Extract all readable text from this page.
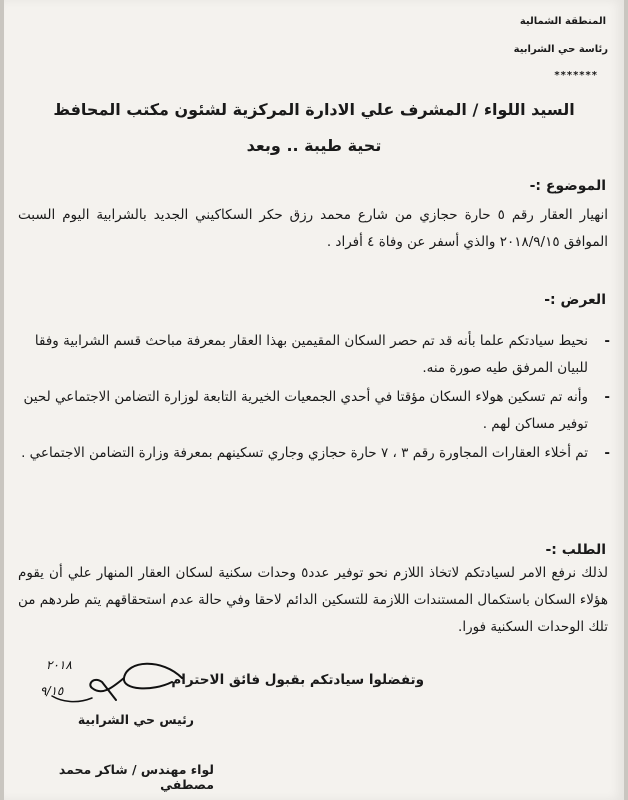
المنطقة الشمالية
رئاسة حي الشرابية
*******
السيد اللواء / المشرف علي الادارة المركزية لشئون مكتب المحافظ
تحية طيبة .. وبعد
الموضوع :-
انهيار العقار رقم ٥ حارة حجازي من شارع محمد رزق حكر السكاكيني الجديد بالشرابية اليوم السبت الموافق ٢٠١٨/٩/١٥ والذي أسفر عن وفاة ٤ أفراد .
العرض :-
-
نحيط سيادتكم علما بأنه قد تم حصر السكان المقيمين بهذا العقار بمعرفة مباحث قسم الشرابية وفقا للبيان المرفق طيه صورة منه.
-
وأنه تم تسكين هولاء السكان مؤقتا في أحدي الجمعيات الخيرية التابعة لوزارة التضامن الاجتماعي لحين توفير مساكن لهم .
-
تم أخلاء العقارات المجاورة رقم ٣ ، ٧ حارة حجازي وجاري تسكينهم بمعرفة وزارة التضامن الاجتماعي .
الطلب :-
لذلك نرفع الامر لسيادتكم لاتخاذ اللازم نحو توفير عدد٥ وحدات سكنية لسكان العقار المنهار علي أن يقوم هؤلاء السكان باستكمال المستندات اللازمة للتسكين الدائم لاحقا وفي حالة عدم استحقاقهم يتم طردهم من تلك الوحدات السكنية فورا.
وتفضلوا سيادتكم بقبول فائق الاحترام
٢٠١٨
٩/١٥
رئيس حي الشرابية
لواء مهندس / شاكر محمد مصطفي
